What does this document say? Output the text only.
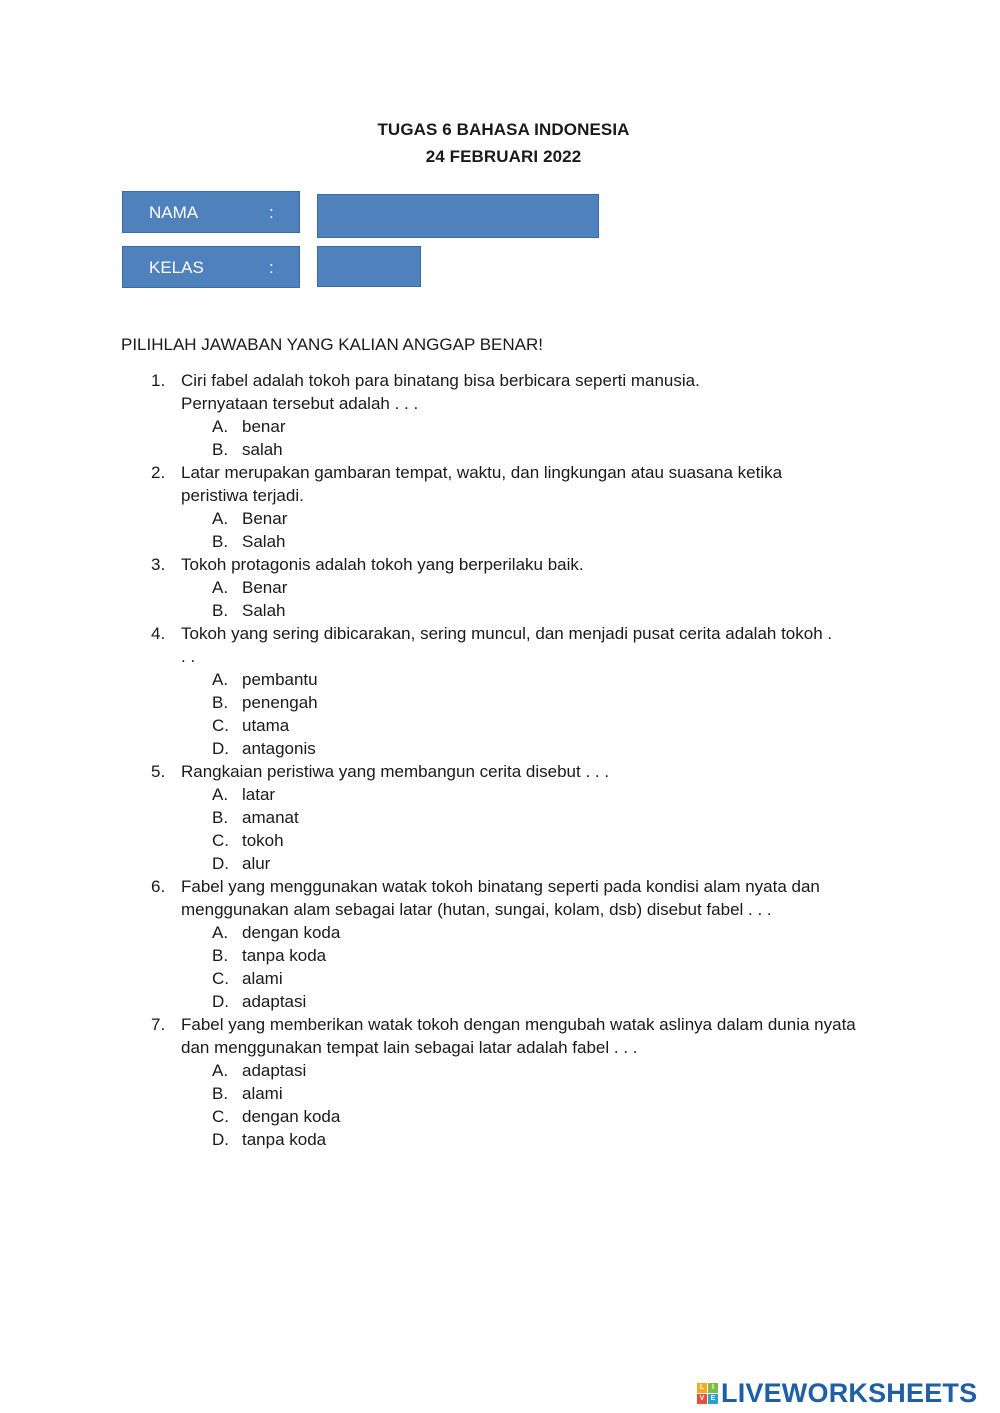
TUGAS 6 BAHASA INDONESIA
24 FEBRUARI 2022
NAMA	:
KELAS	:
PILIHLAH JAWABAN YANG KALIAN ANGGAP BENAR!
1. Ciri fabel adalah tokoh para binatang bisa berbicara seperti manusia. Pernyataan tersebut adalah . . .
A. benar
B. salah
2. Latar merupakan gambaran tempat, waktu, dan lingkungan atau suasana ketika peristiwa terjadi.
A. Benar
B. Salah
3. Tokoh protagonis adalah tokoh yang berperilaku baik.
A. Benar
B. Salah
4. Tokoh yang sering dibicarakan, sering muncul, dan menjadi pusat cerita adalah tokoh . . .
A. pembantu
B. penengah
C. utama
D. antagonis
5. Rangkaian peristiwa yang membangun cerita disebut . . .
A. latar
B. amanat
C. tokoh
D. alur
6. Fabel yang menggunakan watak tokoh binatang seperti pada kondisi alam nyata dan menggunakan alam sebagai latar (hutan, sungai, kolam, dsb) disebut fabel . . .
A. dengan koda
B. tanpa koda
C. alami
D. adaptasi
7. Fabel yang memberikan watak tokoh dengan mengubah watak aslinya dalam dunia nyata dan menggunakan tempat lain sebagai latar adalah fabel . . .
A. adaptasi
B. alami
C. dengan koda
D. tanpa koda
L	I
V E LIVEWORKSHEETS
